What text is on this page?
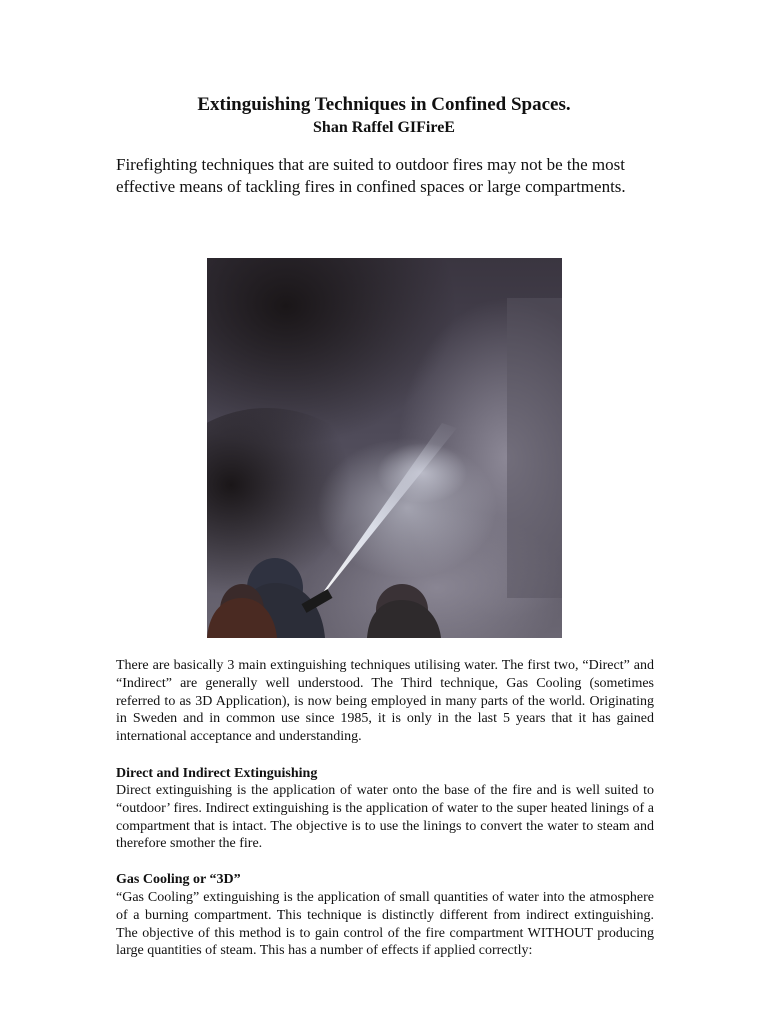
Extinguishing Techniques in Confined Spaces.
Shan Raffel GIFireE

Firefighting techniques that are suited to outdoor fires may not be the most effective means of tackling fires in confined spaces or large compartments.

There are basically 3 main extinguishing techniques utilising water. The first two, “Direct” and “Indirect” are generally well understood. The Third technique, Gas Cooling (sometimes referred to as 3D Application), is now being employed in many parts of the world. Originating in Sweden and in common use since 1985, it is only in the last 5 years that it has gained international acceptance and understanding.

Direct and Indirect Extinguishing

Direct extinguishing is the application of water onto the base of the fire and is well suited to “outdoor’ fires. Indirect extinguishing is the application of water to the super heated linings of a compartment that is intact. The objective is to use the linings to convert the water to steam and therefore smother the fire.

Gas Cooling or “3D”

“Gas Cooling” extinguishing is the application of small quantities of water into the atmosphere of a burning compartment. This technique is distinctly different from indirect extinguishing. The objective of this method is to gain control of the fire compartment WITHOUT producing large quantities of steam. This has a number of effects if applied correctly:
